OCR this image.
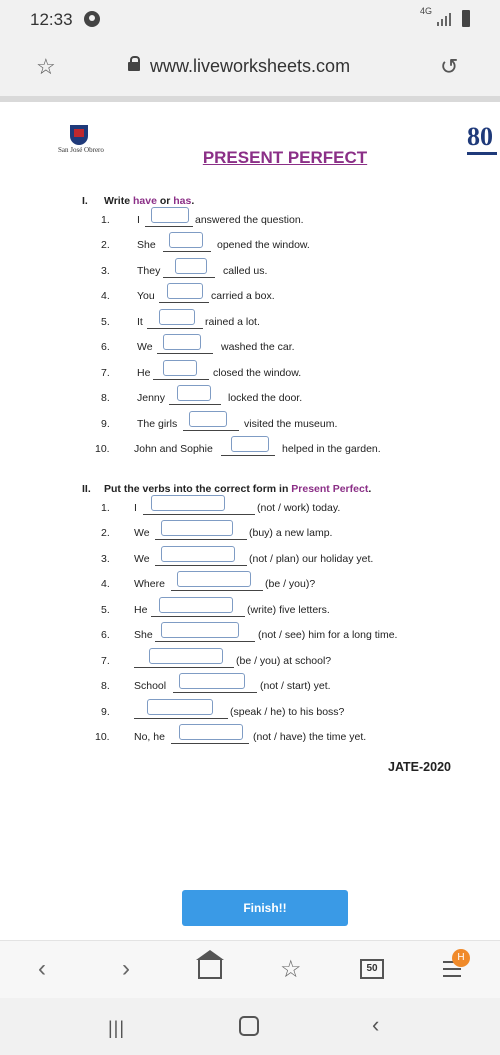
12:33	4G
☆	www.liveworksheets.com	↺
San José Obrero	80
PRESENT PERFECT
I. Write have or has.
1.	I	answered the question.
2.	She	opened the window.
3.	They	called us.
4.	You	carried a box.
5.	It	rained a lot.
6.	We	washed the car.
7.	He	closed the window.
8.	Jenny	locked the door.
9.	The girls	visited the museum.
10. John and Sophie	helped in the garden.
II. Put the verbs into the correct form in Present Perfect.
1. I	(not / work) today.
2. We	(buy) a new lamp.
3. We	(not / plan) our holiday yet.
4. Where	(be / you)?
5. He	(write) five letters.
6. She	(not / see) him for a long time.
7.	(be / you) at school?
8. School	(not / start) yet.
9.	(speak / he) to his boss?
10. No, he	(not / have) the time yet.
JATE-2020
Finish!!
‹	›	☆	50
H
|||	‹
